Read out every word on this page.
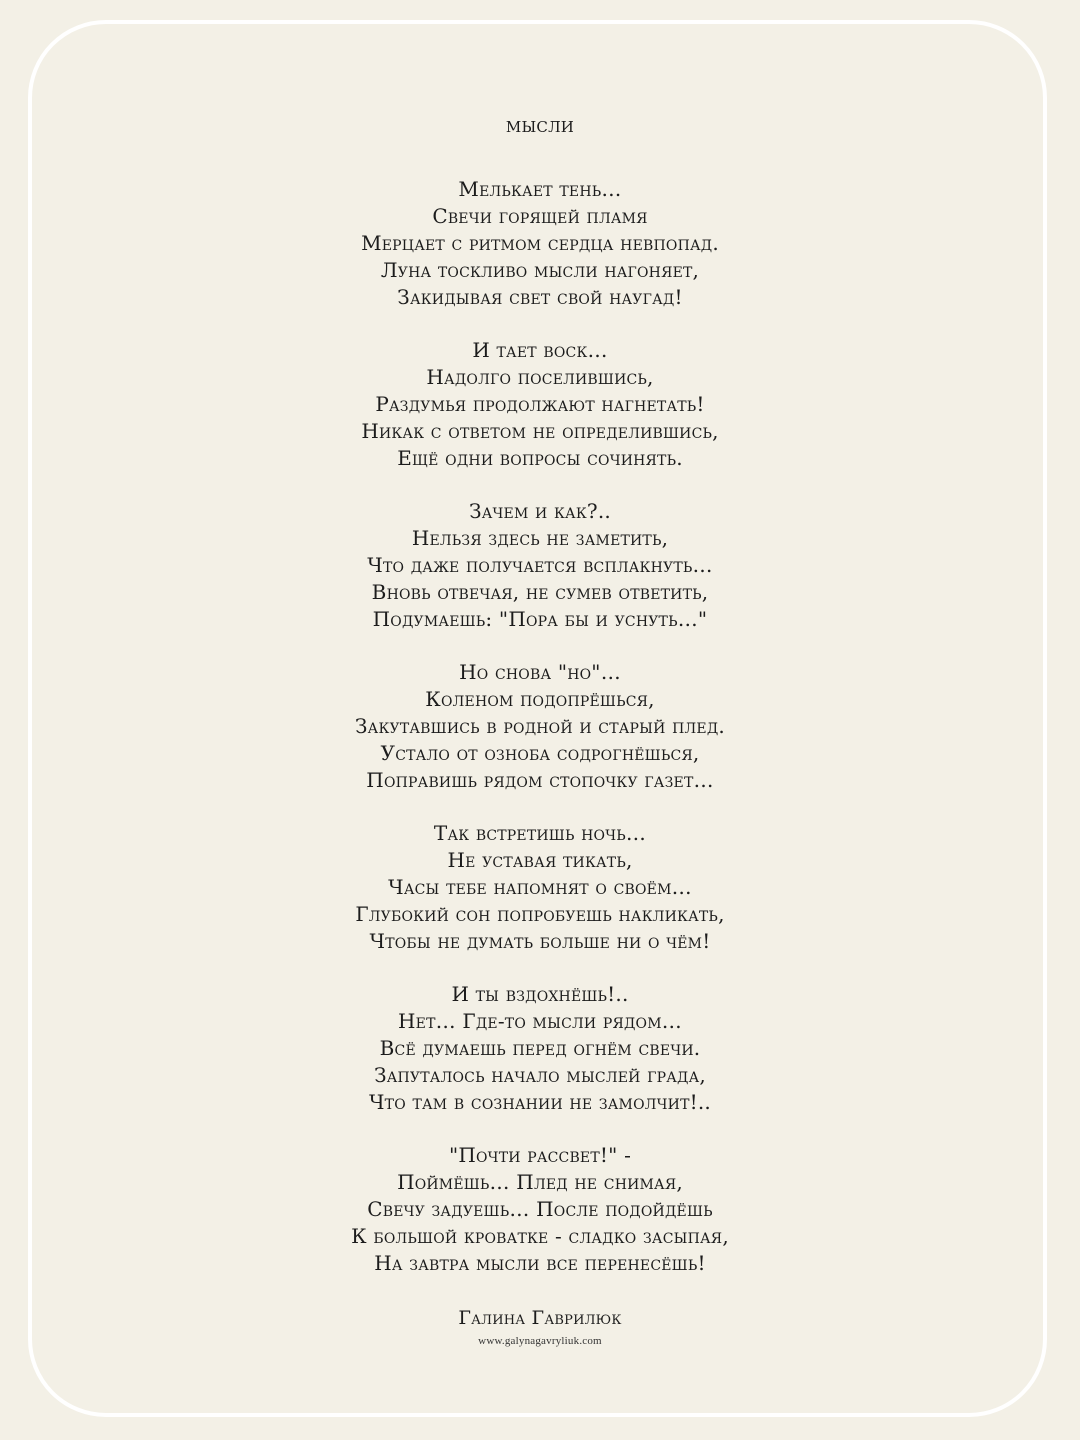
мысли
Мелькает тень…
Свечи горящей пламя
Мерцает с ритмом сердца невпопад.
Луна тоскливо мысли нагоняет,
Закидывая свет свой наугад!
И тает воск…
Надолго поселившись,
Раздумья продолжают нагнетать!
Никак с ответом не определившись,
Ещё одни вопросы сочинять.
Зачем и как?..
Нельзя здесь не заметить,
Что даже получается всплакнуть…
Вновь отвечая, не сумев ответить,
Подумаешь: "Пора бы и уснуть…"
Но снова "но"…
Коленом подопрёшься,
Закутавшись в родной и старый плед.
Устало от озноба содрогнёшься,
Поправишь рядом стопочку газет…
Так встретишь ночь…
Не уставая тикать,
Часы тебе напомнят о своём…
Глубокий сон попробуешь накликать,
Чтобы не думать больше ни о чём!
И ты вздохнёшь!..
Нет… Где-то мысли рядом…
Всё думаешь перед огнём свечи.
Запуталось начало мыслей града,
Что там в сознании не замолчит!..
"Почти рассвет!" -
Поймёшь… Плед не снимая,
Свечу задуешь… После подойдёшь
К большой кроватке - сладко засыпая,
На завтра мысли все перенесёшь!
Галина Гаврилюк
www.galynagavryliuk.com
